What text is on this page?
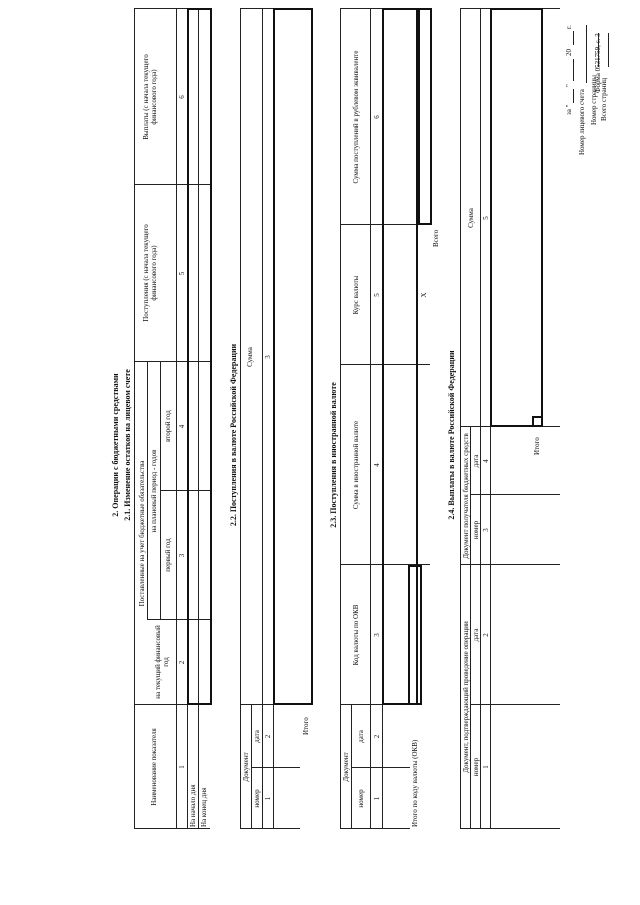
Форма 0531759, с. 3
Номер лицевого счета
за "
"
20
г.
2. Операции с бюджетными средствами 2.1. Изменение остатков на лицевом счете
Наименование показателя
Поставленные на учет бюджетные обязательства
на текущий финансовый год
на плановый период - годов
первый год
второй год
Поступления (с начала текущего финансового года)
Выплаты (с начала текущего финансового года)
1
2
3
4
5
6
На начало дня На конец дня
2.2. Поступления в валюте Российской Федерации
Документ
номер
дата
Сумма
1
2
3
Итого
2.3. Поступления в иностранной валюте
Документ
номер
дата
Код валюты по ОКВ
Сумма в иностранной валюте
Курс валюты
Сумма поступлений в рублевом эквиваленте
1
2
3
4
5
6
Итого по коду валюты (ОКВ)
X
Всего
2.4. Выплаты в валюте Российской Федерации
Документ, подтверждающий проведение операции
Документ получателя бюджетных средств
номер
дата
номер
дата
Сумма
1
2
3
4
5
Итого
Номер страницы Всего страниц
